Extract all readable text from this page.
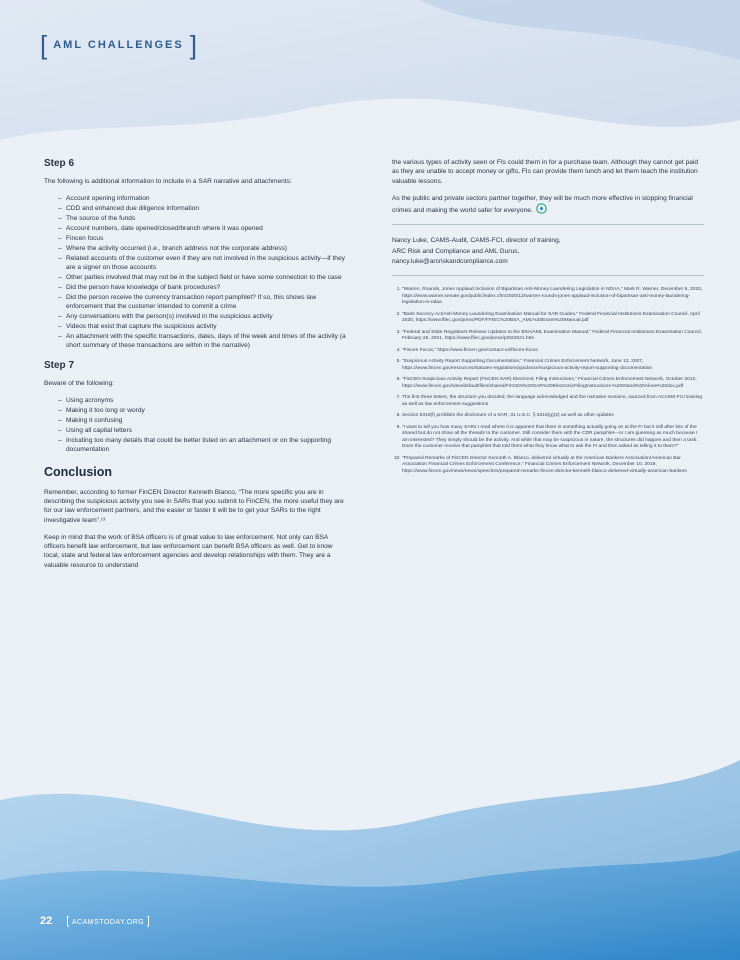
[ AML CHALLENGES ]
Step 6

The following is additional information to include in a SAR narrative and attachments:

– Account opening information
– CDD and enhanced due diligence information
– The source of the funds
– Account numbers, date opened/closed/branch where it was opened
– Fincen focus
– Where the activity occurred (i.e., branch address not the corporate address)
– Related accounts of the customer even if they are not involved in the suspicious activity—if they are a signer on those accounts
– Other parties involved that may not be in the subject field or have some connection to the case
– Did the person have knowledge of bank procedures?
– Did the person receive the currency transaction report pamphlet? If so, this shows law enforcement that the customer intended to commit a crime
– Any conversations with the person(s) involved in the suspicious activity
– Videos that exist that capture the suspicious activity
– An attachment with the specific transactions, dates, days of the week and times of the activity (a short summary of these transactions are within in the narrative)
Step 7

Beware of the following:

– Using acronyms
– Making it too long or wordy
– Making it confusing
– Using all capital letters
– Including too many details that could be better listed on an attachment or on the supporting documentation
Conclusion

Remember, according to former FinCEN Director Kenneth Blanco, “The more specific you are in describing the suspicious activity you see in SARs that you submit to FinCEN, the more useful they are for our law enforcement partners, and the easier or faster it will be to get your SARs to the right investigative team”.¹³

Keep in mind that the work of BSA officers is of great value to law enforcement. Not only can BSA officers benefit law enforcement, but law enforcement can benefit BSA officers as well. Get to know local, state and federal law enforcement agencies and develop relationships with them. They are a valuable resource to understand

the various types of activity seen or FIs could them in for a purchase team. Although they cannot get paid as they are unable to accept money or gifts, FIs can provide them lunch and let them teach the institution valuable lessons.

As the public and private sectors partner together, they will be much more effective in stopping financial crimes and making the world safer for everyone.

Nancy Luke, CAMS-Audit, CAMS-FCI, director of training,

ARC Risk and Compliance and AML Gurus,

nancy.luke@arcriskandcompliance.com

1. “Warren, Rounds, Jones Applaud Inclusion of Bipartisan Anti-Money Laundering Legislation in NDAA,” Mark R. Warner, December 8, 2020, https://www.warner.senate.gov/public/index.cfm/2020/12/warren-rounds-jones-applaud-inclusion-of-bipartisan-anti-money-laundering-legislation-in-ndaa
2. “Bank Secrecy Act/Anti-Money Laundering Examination Manual for SAR Guides,” Federal Financial Institutions Examination Council, April 2020, https://www.ffiec.gov/press/PDF/FFIEC%20BSA_AML%20Exam%20Manual.pdf
3. “Federal and State Regulators Release Updates to the BSA/AML Examination Manual,” Federal Financial Institutions Examination Council, February 25, 2021, https://www.ffiec.gov/press/pr022521.htm
4. “Fincen Focus,” https://www.fincen.gov/contact-us/fincen-focus
5. “Suspicious Activity Report Supporting Documentation,” Financial Crimes Enforcement Network, June 13, 2007, https://www.fincen.gov/resources/statutes-regulations/guidance/suspicious-activity-report-supporting-documentation
6. “FinCEN Suspicious Activity Report (FinCEN SAR) Electronic Filing Instructions,” Financial Crimes Enforcement Network, October 2012, https://www.fincen.gov/sites/default/files/shared/FinCEN%20SAR%20ElectronicFilingInstructions-%20Stand%20Alone%20doc.pdf
7. The first three letters, the structure you decided, the language acknowledged and the narrative sections, sourced from ACAMS-FCI training as well as law enforcement suggestions
8. Section 5318(f) prohibits the disclosure of a SAR, 31 U.S.C. § 5318(g)(2) as well as other updates
9. “I want to tell you how many SARs I read where it is apparent that there is something actually going on at the FI but it still after lots of the shared but do not show all the threads to the customer. Still consider them with the CDR pamphlet—or I am guessing as much because I am interested? They simply should be the activity. And while that may be suspicious in nature, the structures did happen and then a task. Does the customer receive that pamphlet that told them what they know what to ask the FI and then asked as telling it to them?”
10. “Prepared Remarks of FinCEN Director Kenneth A. Blanco, delivered virtually at the American Bankers Association/American Bar Association Financial Crimes Enforcement Conference,” Financial Crimes Enforcement Network, December 10, 2019, https://www.fincen.gov/news/news/speeches/prepared-remarks-fincen-director-kenneth-blanco-delivered-virtually-american-bankers
22 [ ACAMSTODAY.ORG ]
